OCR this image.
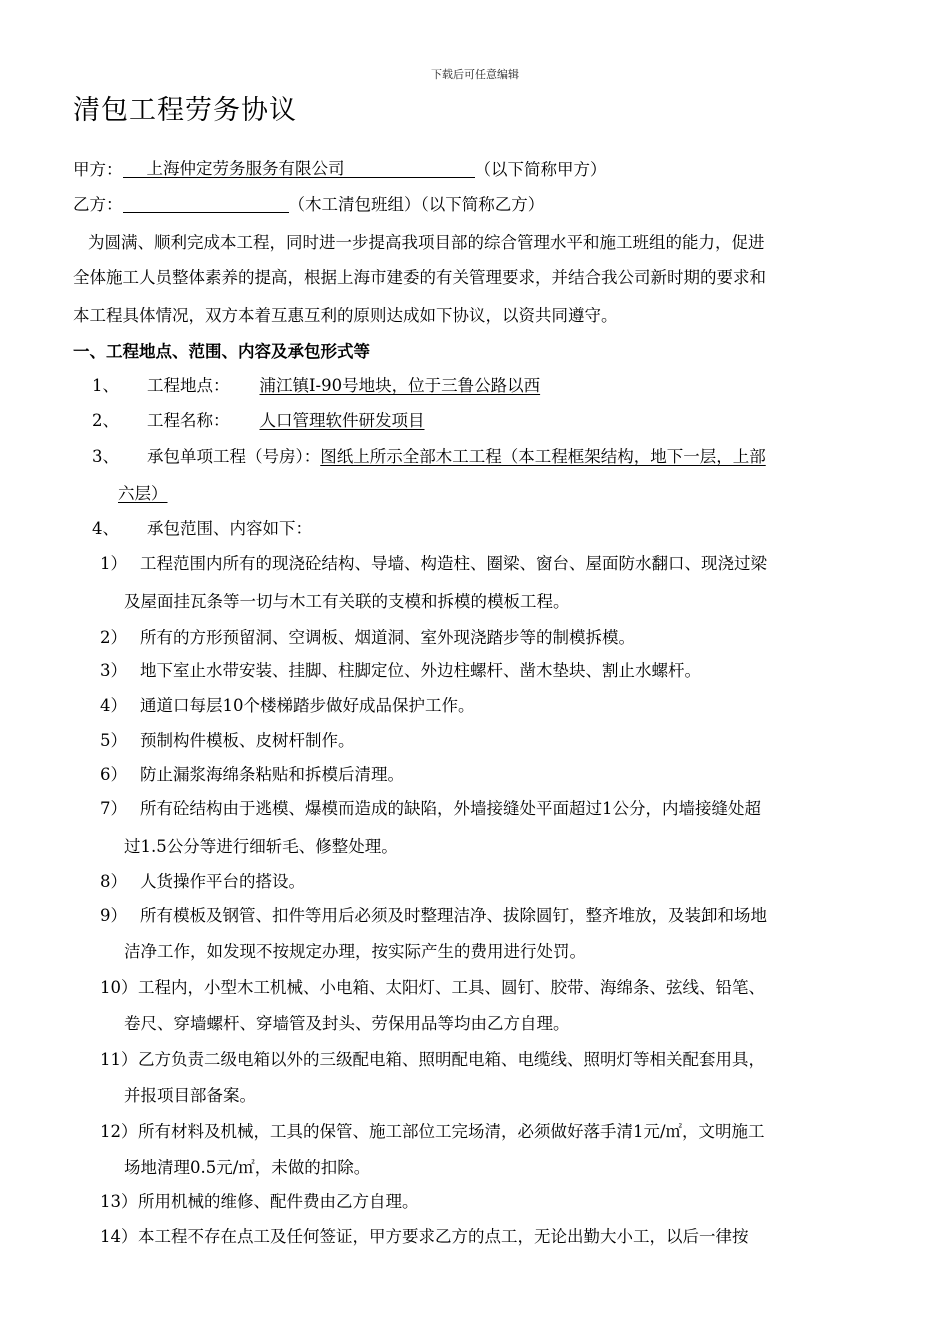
下载后可任意编辑
清包工程劳务协议
甲方： 上海仲定劳务服务有限公司	（以下简称甲方）
乙方：	（木工清包班组）（以下简称乙方）
为圆满、顺利完成本工程，同时进一步提高我项目部的综合管理水平和施工班组的能力，促进
全体施工人员整体素养的提高，根据上海市建委的有关管理要求，并结合我公司新时期的要求和
本工程具体情况，双方本着互惠互利的原则达成如下协议，以资共同遵守。
一、工程地点、范围、内容及承包形式等
1、 工程地点： 浦江镇I-90号地块，位于三鲁公路以西
2、 工程名称： 人口管理软件研发项目
3、 承包单项工程（号房）：图纸上所示全部木工工程（本工程框架结构，地下一层，上部
六层）
4、 承包范围、内容如下：
1） 工程范围内所有的现浇砼结构、导墙、构造柱、圈梁、窗台、屋面防水翻口、现浇过梁
及屋面挂瓦条等一切与木工有关联的支模和拆模的模板工程。
2） 所有的方形预留洞、空调板、烟道洞、室外现浇踏步等的制模拆模。
3） 地下室止水带安装、挂脚、柱脚定位、外边柱螺杆、凿木垫块、割止水螺杆。
4） 通道口每层10个楼梯踏步做好成品保护工作。
5） 预制构件模板、皮树杆制作。
6） 防止漏浆海绵条粘贴和拆模后清理。
7） 所有砼结构由于逃模、爆模而造成的缺陷，外墙接缝处平面超过1公分，内墙接缝处超
过1.5公分等进行细斩毛、修整处理。
8） 人货操作平台的搭设。
9） 所有模板及钢管、扣件等用后必须及时整理洁净、拔除圆钉，整齐堆放，及装卸和场地
洁净工作，如发现不按规定办理，按实际产生的费用进行处罚。
10）工程内，小型木工机械、小电箱、太阳灯、工具、圆钉、胶带、海绵条、弦线、铅笔、
卷尺、穿墙螺杆、穿墙管及封头、劳保用品等均由乙方自理。
11）乙方负责二级电箱以外的三级配电箱、照明配电箱、电缆线、照明灯等相关配套用具，
并报项目部备案。
12）所有材料及机械，工具的保管、施工部位工完场清，必须做好落手清1元/㎡，文明施工
场地清理0.5元/㎡，未做的扣除。
13）所用机械的维修、配件费由乙方自理。
14）本工程不存在点工及任何签证，甲方要求乙方的点工，无论出勤大小工，以后一律按
